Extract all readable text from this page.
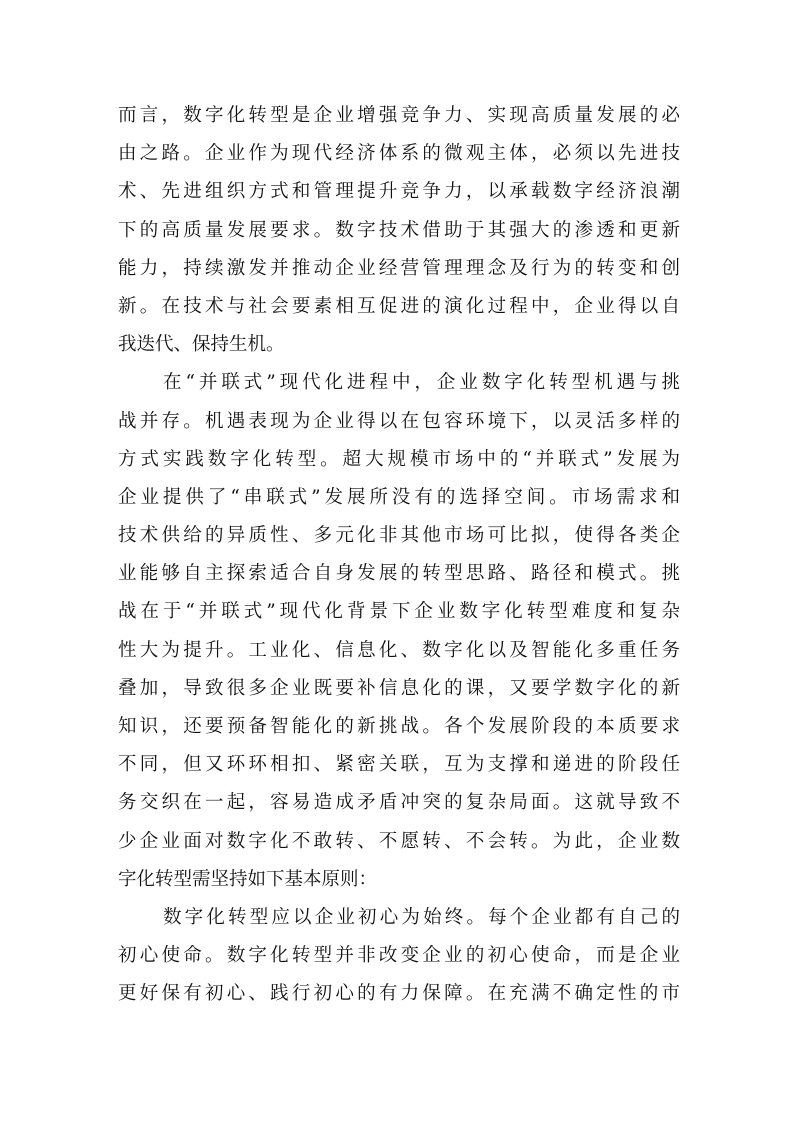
而言，数字化转型是企业增强竞争力、实现高质量发展的必
由之路。企业作为现代经济体系的微观主体，必须以先进技
术、先进组织方式和管理提升竞争力，以承载数字经济浪潮
下的高质量发展要求。数字技术借助于其强大的渗透和更新
能力，持续激发并推动企业经营管理理念及行为的转变和创
新。在技术与社会要素相互促进的演化过程中，企业得以自
我迭代、保持生机。
在“并联式”现代化进程中，企业数字化转型机遇与挑
战并存。机遇表现为企业得以在包容环境下，以灵活多样的
方式实践数字化转型。超大规模市场中的“并联式”发展为
企业提供了“串联式”发展所没有的选择空间。市场需求和
技术供给的异质性、多元化非其他市场可比拟，使得各类企
业能够自主探索适合自身发展的转型思路、路径和模式。挑
战在于“并联式”现代化背景下企业数字化转型难度和复杂
性大为提升。工业化、信息化、数字化以及智能化多重任务
叠加，导致很多企业既要补信息化的课，又要学数字化的新
知识，还要预备智能化的新挑战。各个发展阶段的本质要求
不同，但又环环相扣、紧密关联，互为支撑和递进的阶段任
务交织在一起，容易造成矛盾冲突的复杂局面。这就导致不
少企业面对数字化不敢转、不愿转、不会转。为此，企业数
字化转型需坚持如下基本原则：
数字化转型应以企业初心为始终。每个企业都有自己的
初心使命。数字化转型并非改变企业的初心使命，而是企业
更好保有初心、践行初心的有力保障。在充满不确定性的市
